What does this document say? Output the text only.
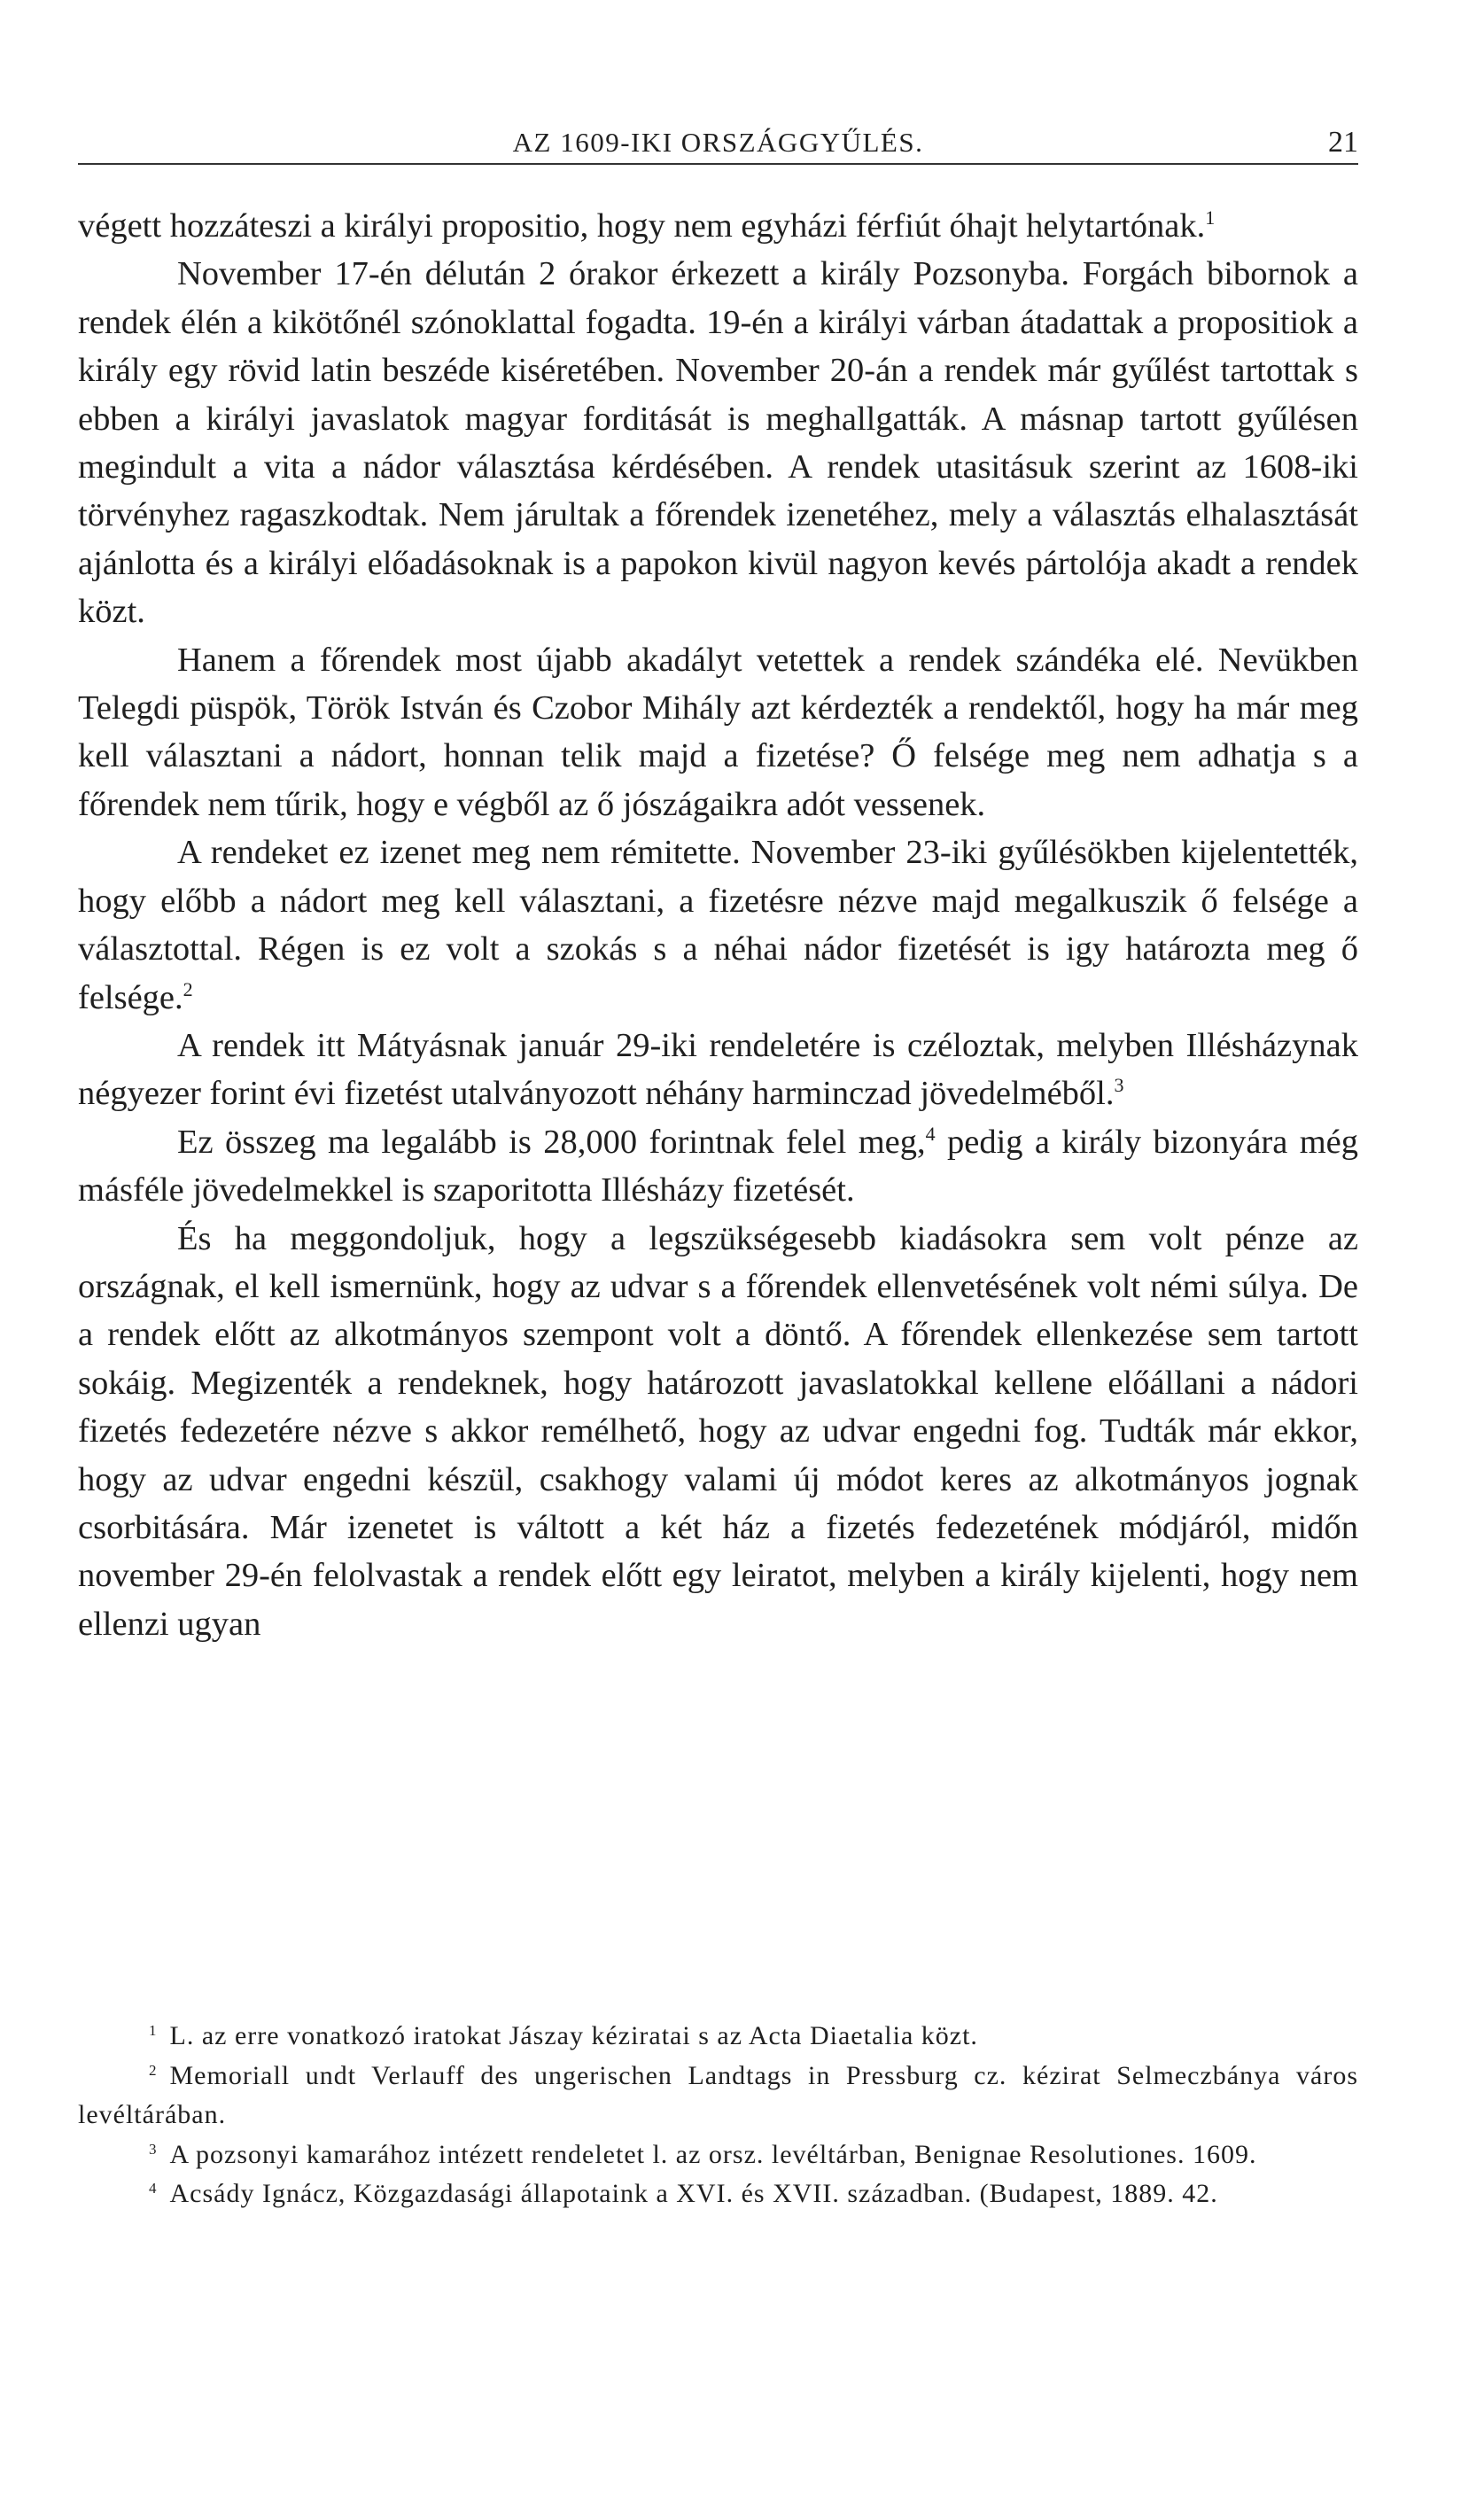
AZ 1609-IKI ORSZÁGGYŰLÉS.	21

végett hozzáteszi a királyi propositio, hogy nem egyházi férfiút óhajt helytartónak.$^1$

November 17-én délután 2 órakor érkezett a király Pozsonyba. Forgách bibornok a rendek élén a kikötőnél szónoklattal fogadta. 19-én a királyi várban átadattak a propositiok a király egy rövid latin beszéde kiséretében. November 20-án a rendek már gyűlést tartottak s ebben a királyi javaslatok magyar forditását is meghallgatták. A másnap tartott gyűlésen megindult a vita a nádor választása kérdésében. A rendek utasitásuk szerint az 1608-iki törvényhez ragaszkodtak. Nem járultak a főrendek izenetéhez, mely a választás elhalasztását ajánlotta és a királyi előadásoknak is a papokon kivül nagyon kevés pártolója akadt a rendek közt.

Hanem a főrendek most újabb akadályt vetettek a rendek szándéka elé. Nevükben Telegdi püspök, Török István és Czobor Mihály azt kérdezték a rendektől, hogy ha már meg kell választani a nádort, honnan telik majd a fizetése? Ő felsége meg nem adhatja s a főrendek nem tűrik, hogy e végből az ő jószágaikra adót vessenek.

A rendeket ez izenet meg nem rémitette. November 23-iki gyűlésökben kijelentették, hogy előbb a nádort meg kell választani, a fizetésre nézve majd megalkuszik ő felsége a választottal. Régen is ez volt a szokás s a néhai nádor fizetését is igy határozta meg ő felsége.$^2$

A rendek itt Mátyásnak január 29-iki rendeletére is czéloztak, melyben Illésházynak négyezer forint évi fizetést utalványozott néhány harminczad jövedelméből.$^3$

Ez összeg ma legalább is 28,000 forintnak felel meg,$^4$ pedig a király bizonyára még másféle jövedelmekkel is szaporitotta Illésházy fizetését.

És ha meggondoljuk, hogy a legszükségesebb kiadásokra sem volt pénze az országnak, el kell ismernünk, hogy az udvar s a főrendek ellenvetésének volt némi súlya. De a rendek előtt az alkotmányos szempont volt a döntő. A főrendek ellenkezése sem tartott sokáig. Megizenték a rendeknek, hogy határozott javaslatokkal kellene előállani a nádori fizetés fedezetére nézve s akkor remélhető, hogy az udvar engedni fog. Tudták már ekkor, hogy az udvar engedni készül, csakhogy valami új módot keres az alkotmányos jognak csorbitására. Már izenetet is váltott a két ház a fizetés fedezetének módjáról, midőn november 29-én felolvastak a rendek előtt egy leiratot, melyben a király kijelenti, hogy nem ellenzi ugyan

$^1$ L. az erre vonatkozó iratokat Jászay kéziratai s az Acta Diaetalia közt.

$^2$ Memoriall undt Verlauff des ungerischen Landtags in Pressburg cz. kézirat Selmeczbánya város levéltárában.

$^3$ A pozsonyi kamarához intézett rendeletet l. az orsz. levéltárban, Benignae Resolutiones. 1609.

$^4$ Acsády Ignácz, Közgazdasági állapotaink a XVI. és XVII. században. (Budapest, 1889. 42.
